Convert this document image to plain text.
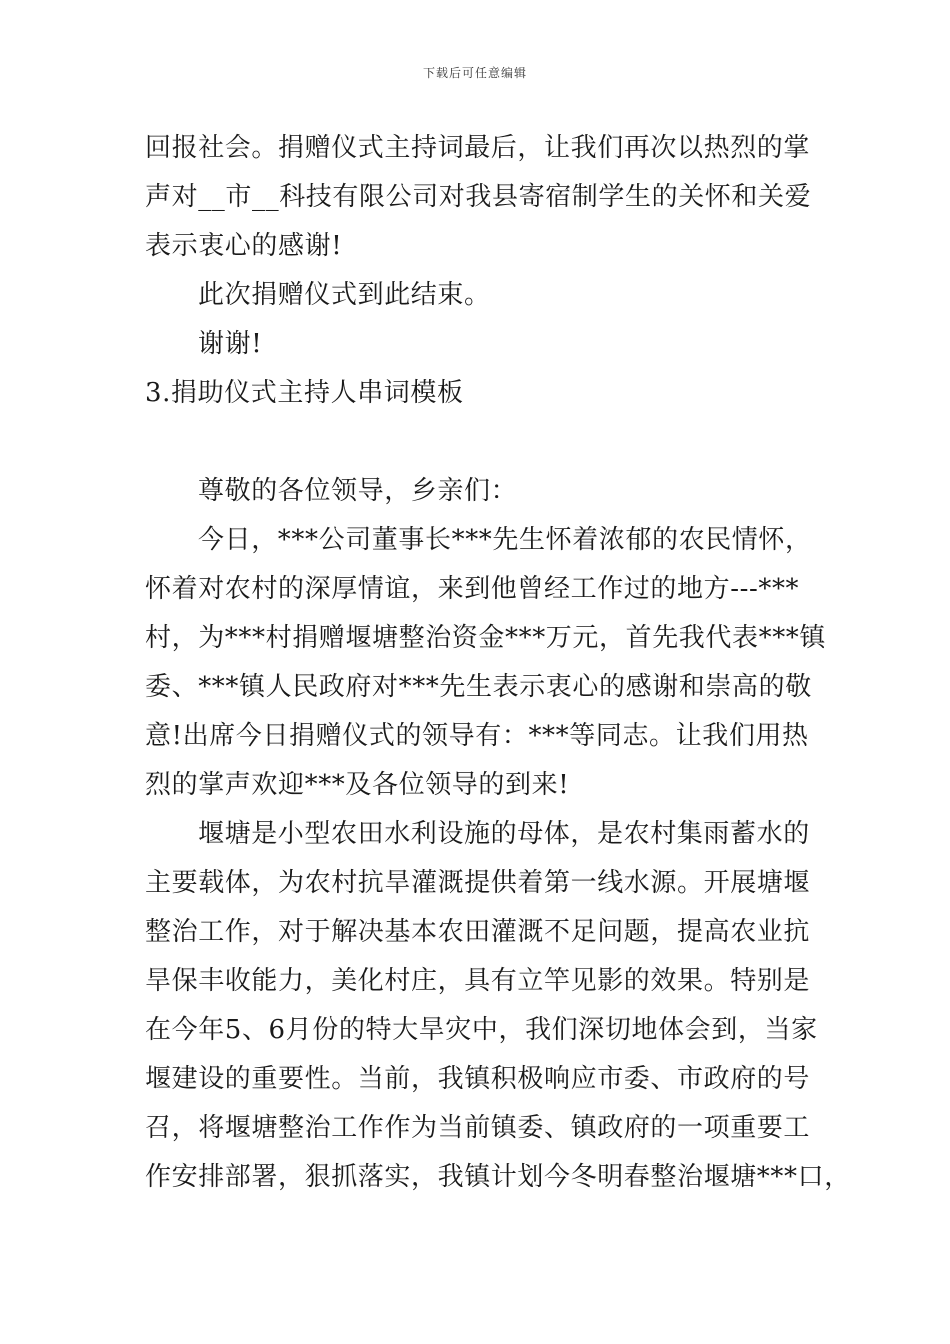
下载后可任意编辑
回报社会。捐赠仪式主持词最后，让我们再次以热烈的掌
声对__市__科技有限公司对我县寄宿制学生的关怀和关爱
表示衷心的感谢!
此次捐赠仪式到此结束。
谢谢!
3.捐助仪式主持人串词模板
尊敬的各位领导，乡亲们：
今日，***公司董事长***先生怀着浓郁的农民情怀，
怀着对农村的深厚情谊，来到他曾经工作过的地方---***
村，为***村捐赠堰塘整治资金***万元，首先我代表***镇
委、***镇人民政府对***先生表示衷心的感谢和崇高的敬
意!出席今日捐赠仪式的领导有：***等同志。让我们用热
烈的掌声欢迎***及各位领导的到来!
堰塘是小型农田水利设施的母体，是农村集雨蓄水的
主要载体，为农村抗旱灌溉提供着第一线水源。开展塘堰
整治工作，对于解决基本农田灌溉不足问题，提高农业抗
旱保丰收能力，美化村庄，具有立竿见影的效果。特别是
在今年5、6月份的特大旱灾中，我们深切地体会到，当家
堰建设的重要性。当前，我镇积极响应市委、市政府的号
召，将堰塘整治工作作为当前镇委、镇政府的一项重要工
作安排部署，狠抓落实，我镇计划今冬明春整治堰塘***口，
